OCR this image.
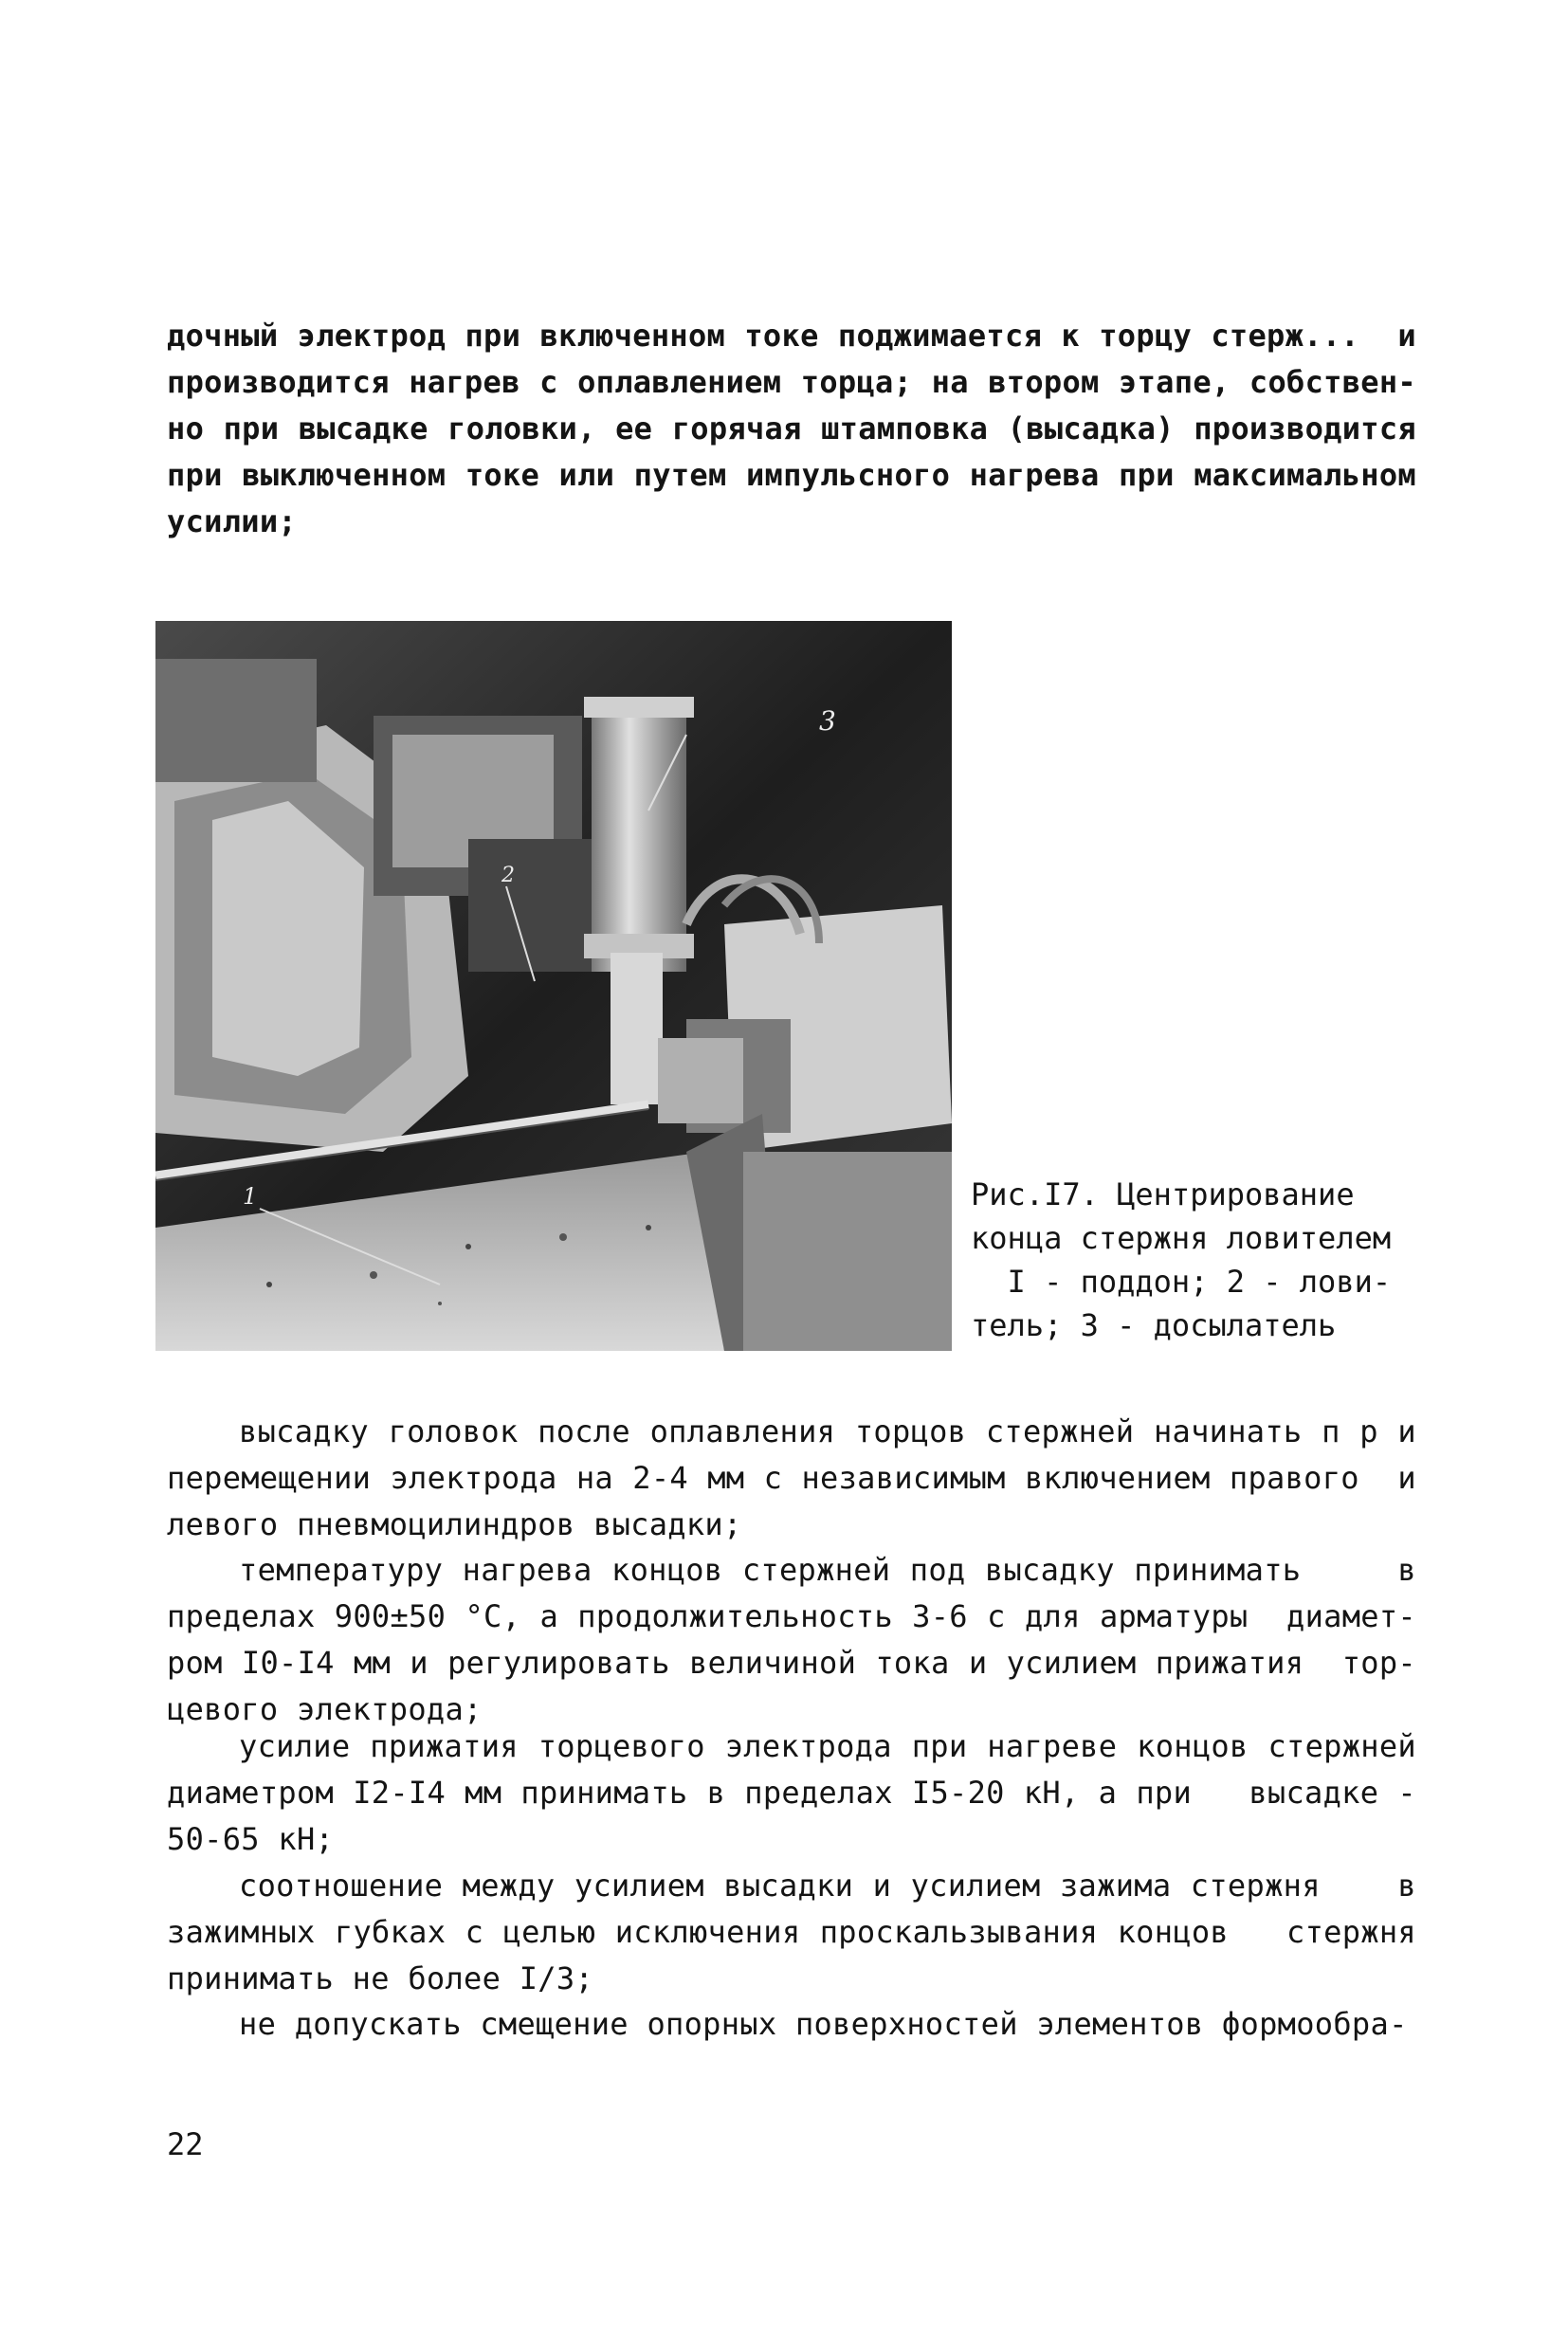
дочный электрод при включенном токе поджимается к торцу стерж...  и
производится нагрев с оплавлением торца; на втором этапе, собствен-
но при высадке головки, ее горячая штамповка (высадка) производится
при выключенном токе или путем импульсного нагрева при максимальном
усилии;
3
2
1	Рис.I7. Центрирование
конца стержня ловителем
I - поддон; 2 - лови-
тель; 3 - досылатель

высадку головок после оплавления торцов стержней начинать п р и
перемещении электрода на 2-4 мм с независимым включением правого  и
левого пневмоцилиндров высадки;
температуру нагрева концов стержней под высадку принимать     в
пределах 900±50 °С, а продолжительность 3-6 с для арматуры  диамет-
ром I0-I4 мм и регулировать величиной тока и усилием прижатия  тор-
цевого электрода;
усилие прижатия торцевого электрода при нагреве концов стержней
диаметром I2-I4 мм принимать в пределах I5-20 кН, а при   высадке -
50-65 кН;
соотношение между усилием высадки и усилием зажима стержня    в
зажимных губках с целью исключения проскальзывания концов   стержня
принимать не более I/3;
не допускать смещение опорных поверхностей элементов формообра-
22
